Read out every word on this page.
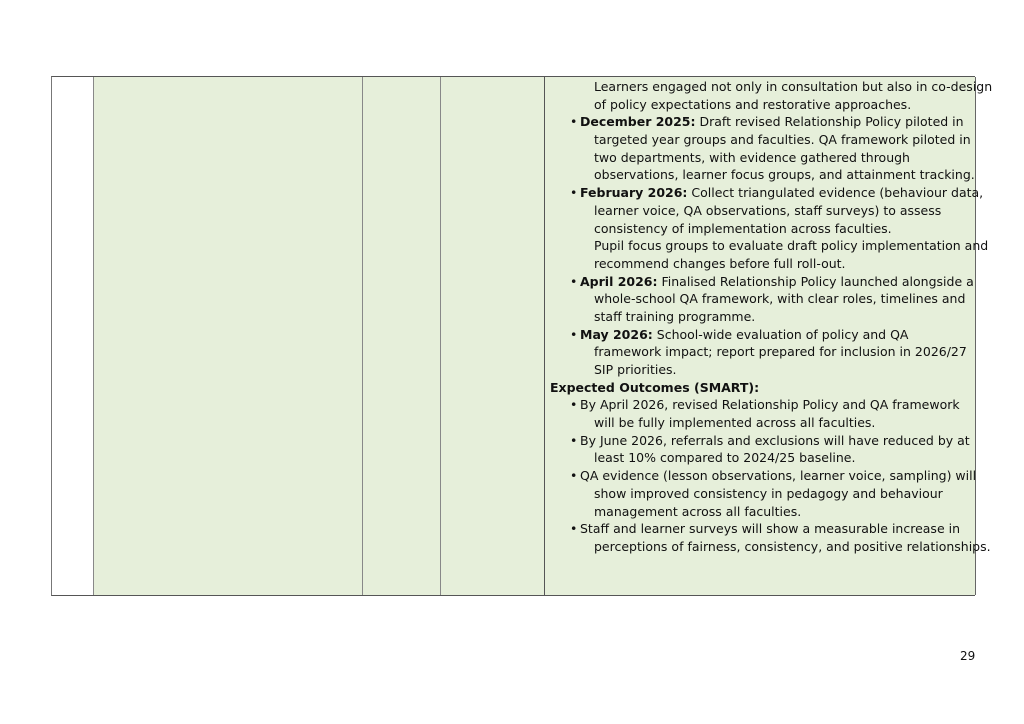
Learners engaged not only in consultation but also in co-design
of policy expectations and restorative approaches.
• December 2025: Draft revised Relationship Policy piloted in
targeted year groups and faculties. QA framework piloted in
two departments, with evidence gathered through
observations, learner focus groups, and attainment tracking.
• February 2026: Collect triangulated evidence (behaviour data,
learner voice, QA observations, staff surveys) to assess
consistency of implementation across faculties.
Pupil focus groups to evaluate draft policy implementation and
recommend changes before full roll-out.
• April 2026: Finalised Relationship Policy launched alongside a
whole-school QA framework, with clear roles, timelines and
staff training programme.
• May 2026: School-wide evaluation of policy and QA
framework impact; report prepared for inclusion in 2026/27
SIP priorities.
Expected Outcomes (SMART):
• By April 2026, revised Relationship Policy and QA framework
will be fully implemented across all faculties.
• By June 2026, referrals and exclusions will have reduced by at
least 10% compared to 2024/25 baseline.
• QA evidence (lesson observations, learner voice, sampling) will
show improved consistency in pedagogy and behaviour
management across all faculties.
• Staff and learner surveys will show a measurable increase in
perceptions of fairness, consistency, and positive relationships.
29
